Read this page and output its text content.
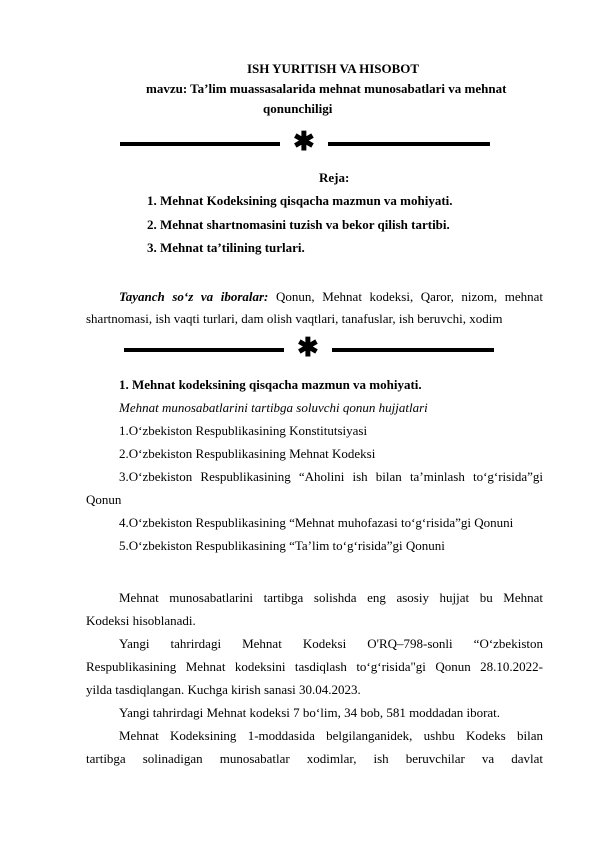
ISH YURITISH VA HISOBOT
mavzu: Ta’lim muassasalarida mehnat munosabatlari va mehnat
qonunchiligi
✱
Reja:
1. Mehnat Kodeksining qisqacha mazmun va mohiyati.
2. Mehnat shartnomasini tuzish va bekor qilish tartibi.
3. Mehnat ta’tilining turlari.
Tayanch so‘z va iboralar: Qonun, Mehnat kodeksi, Qaror, nizom, mehnat
shartnomasi, ish vaqti turlari, dam olish vaqtlari, tanafuslar, ish beruvchi, xodim
✱
1. Mehnat kodeksining qisqacha mazmun va mohiyati.
Mehnat munosabatlarini tartibga soluvchi qonun hujjatlari
1.O‘zbekiston Respublikasining Konstitutsiyasi
2.O‘zbekiston Respublikasining Mehnat Kodeksi
3.O‘zbekiston Respublikasining “Aholini ish bilan ta’minlash to‘g‘risida”gi
Qonun
4.O‘zbekiston Respublikasining “Mehnat muhofazasi to‘g‘risida”gi Qonuni
5.O‘zbekiston Respublikasining “Ta’lim to‘g‘risida”gi Qonuni
Mehnat munosabatlarini tartibga solishda eng asosiy hujjat bu Mehnat
Kodeksi hisoblanadi.
Yangi tahrirdagi Mehnat Kodeksi O'RQ–798-sonli “O‘zbekiston
Respublikasining Mehnat kodeksini tasdiqlash to‘g‘risida"gi Qonun 28.10.2022-
yilda tasdiqlangan. Kuchga kirish sanasi 30.04.2023.
Yangi tahrirdagi Mehnat kodeksi 7 bo‘lim, 34 bob, 581 moddadan iborat.
Mehnat Kodeksining 1-moddasida belgilanganidek, ushbu Kodeks bilan
tartibga solinadigan munosabatlar xodimlar, ish beruvchilar va davlat
